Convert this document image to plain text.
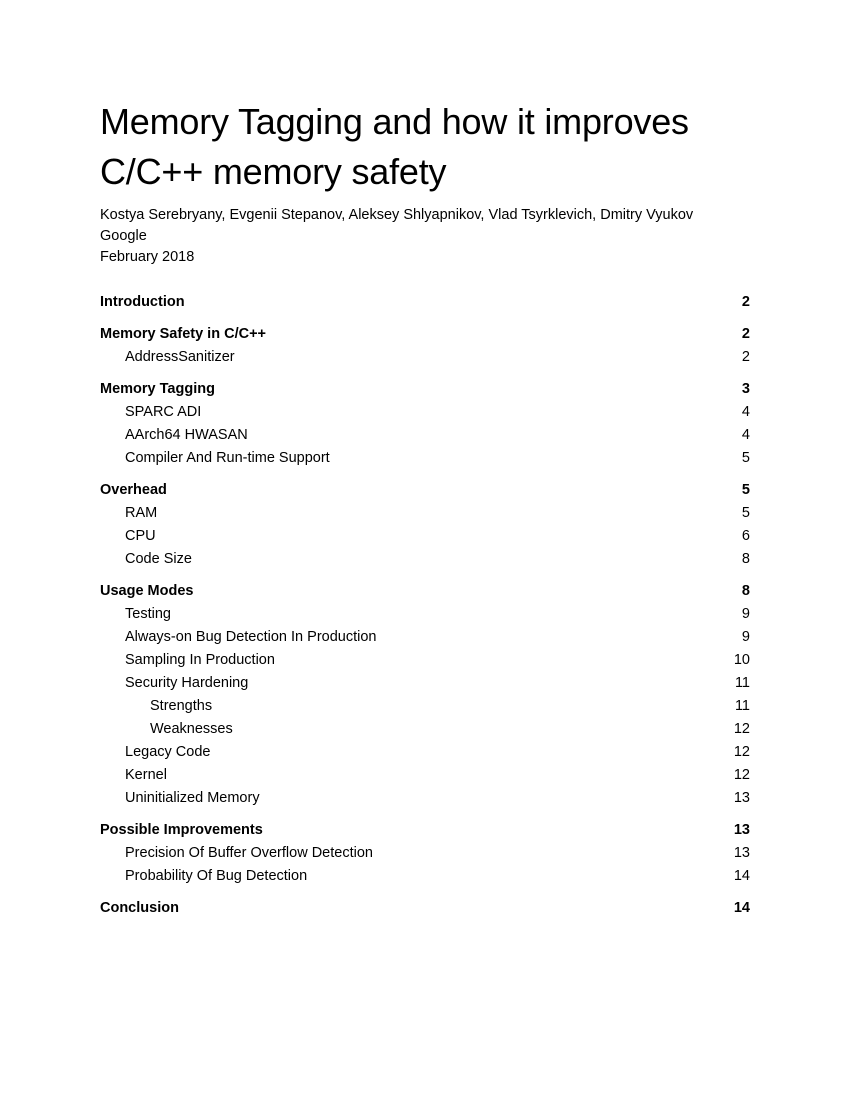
Memory Tagging and how it improves
C/C++ memory safety
Kostya Serebryany, Evgenii Stepanov, Aleksey Shlyapnikov, Vlad Tsyrklevich, Dmitry Vyukov
Google
February 2018
Introduction	2
Memory Safety in C/C++	2
AddressSanitizer	2
Memory Tagging	3
SPARC ADI	4
AArch64 HWASAN	4
Compiler And Run-time Support	5
Overhead	5
RAM	5
CPU	6
Code Size	8
Usage Modes	8
Testing	9
Always-on Bug Detection In Production	9
Sampling In Production	10
Security Hardening	11
Strengths	11
Weaknesses	12
Legacy Code	12
Kernel	12
Uninitialized Memory	13
Possible Improvements	13
Precision Of Buffer Overflow Detection	13
Probability Of Bug Detection	14
Conclusion	14
